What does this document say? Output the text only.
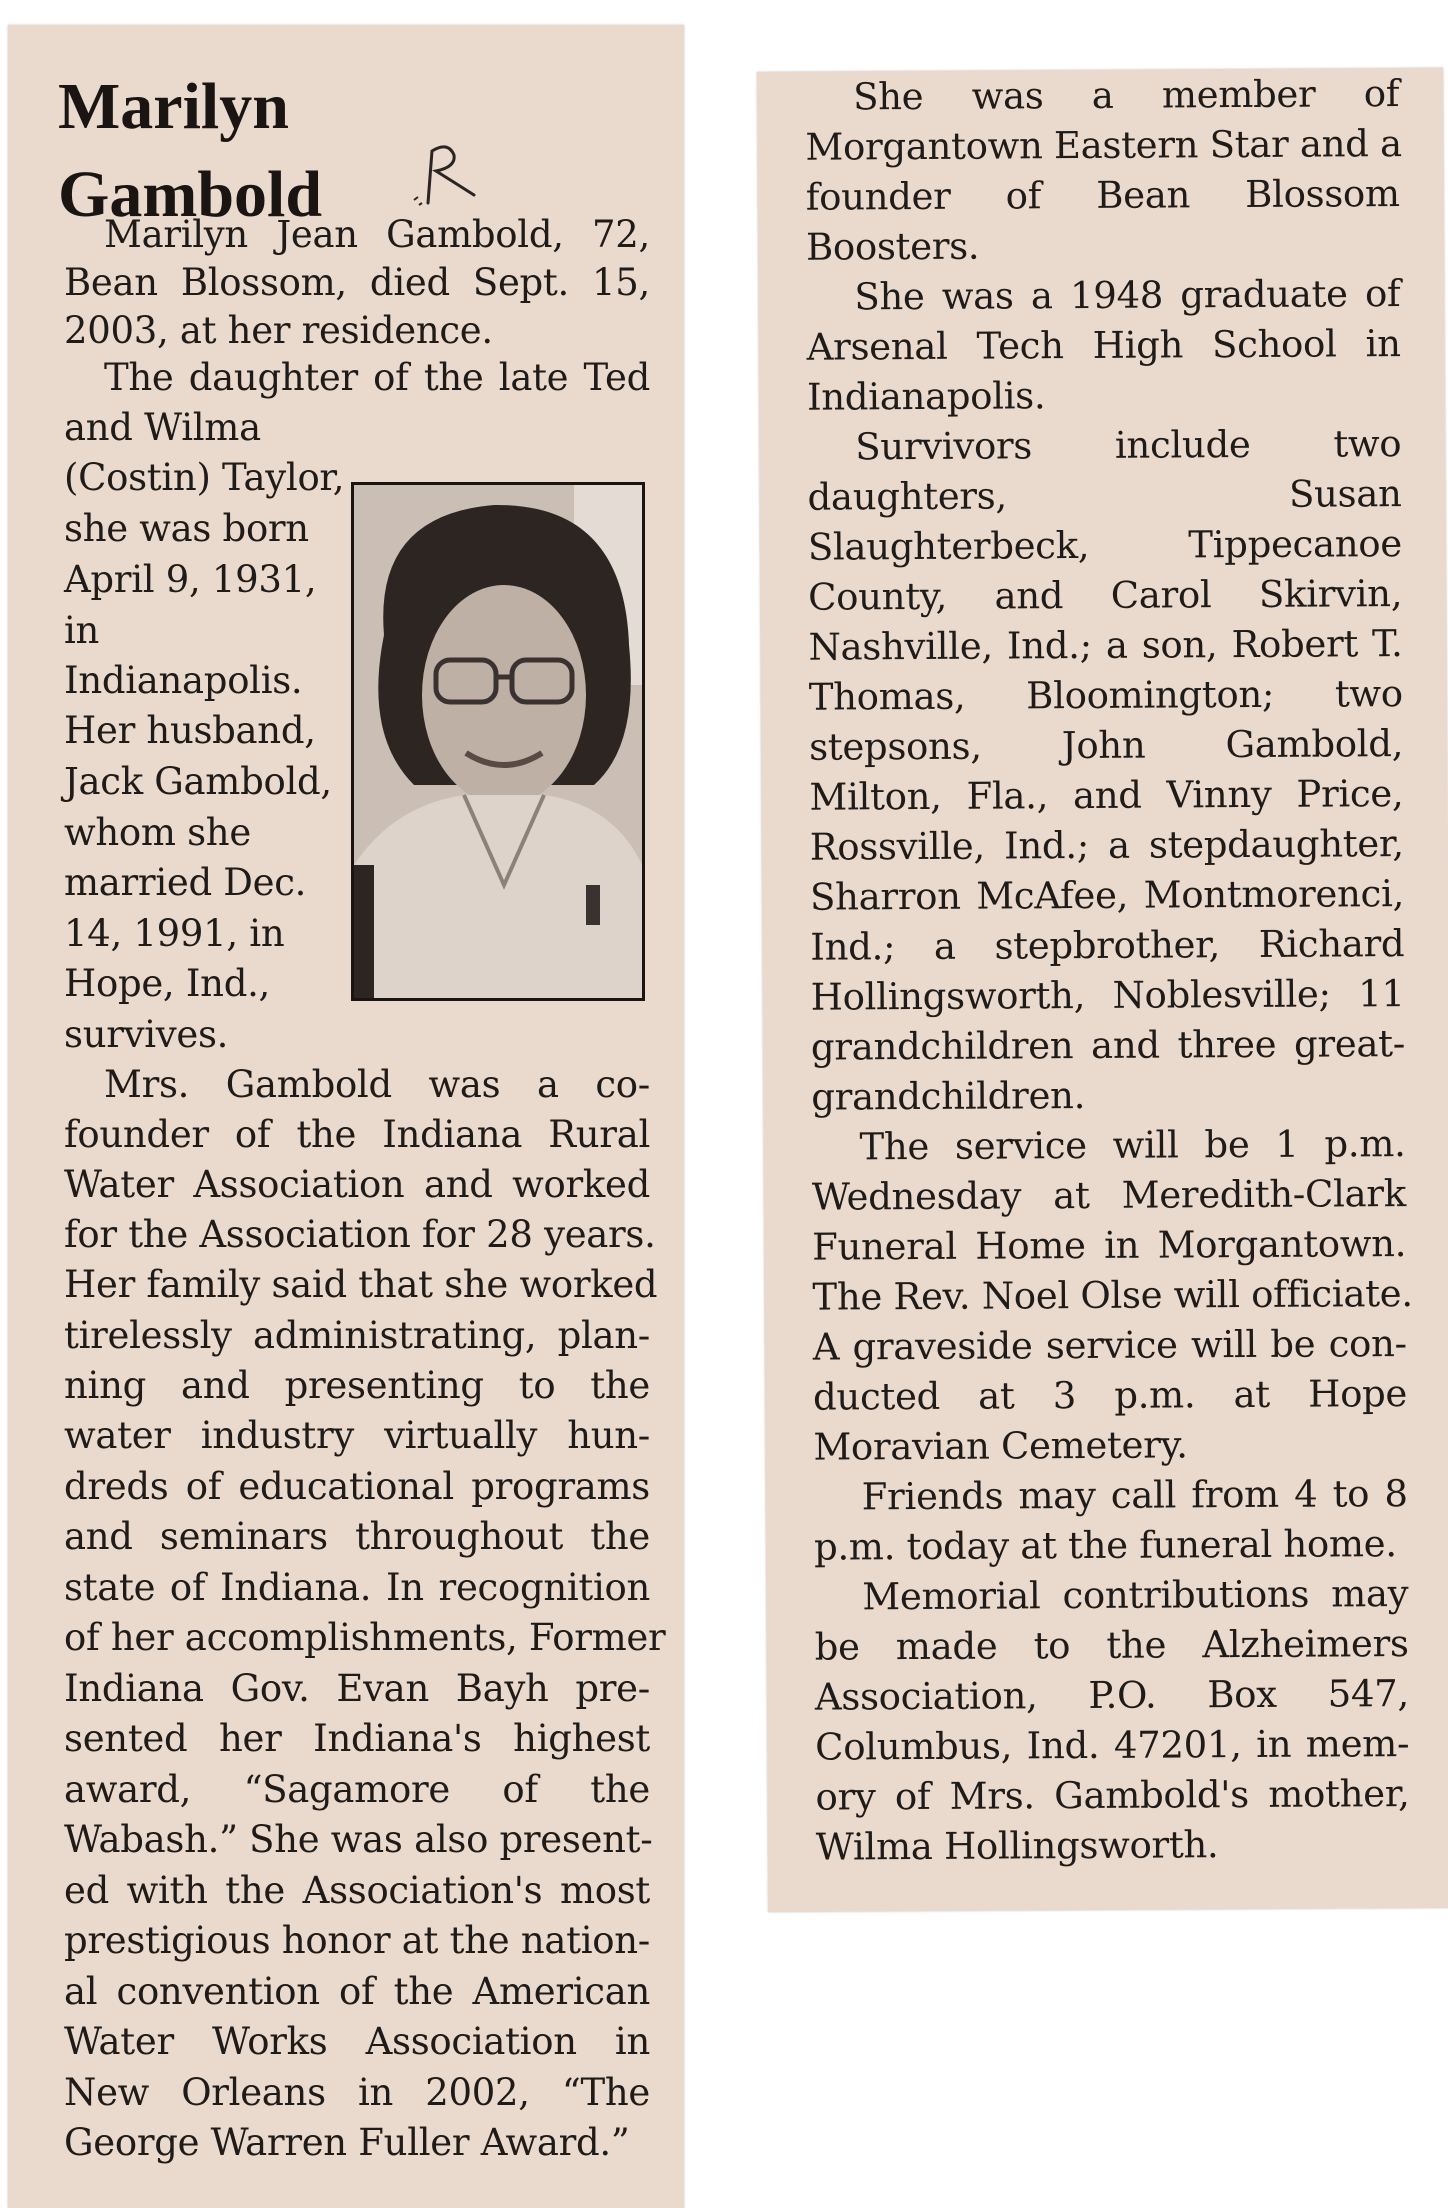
Marilyn
Gambold

Marilyn Jean Gambold, 72,

Bean Blossom, died Sept. 15,

2003, at her residence.

The daughter of the late Ted

and Wilma

(Costin) Taylor,

she was born

April 9, 1931,

in

Indianapolis.

Her husband,

Jack Gambold,

whom she

married Dec.

14, 1991, in

Hope, Ind.,

survives.

Mrs. Gambold was a co-

founder of the Indiana Rural

Water Association and worked

for the Association for 28 years.

Her family said that she worked

tirelessly administrating, plan-

ning and presenting to the

water industry virtually hun-

dreds of educational programs

and seminars throughout the

state of Indiana. In recognition

of her accomplishments, Former

Indiana Gov. Evan Bayh pre-

sented her Indiana's highest

award, “Sagamore of the

Wabash.” She was also present-

ed with the Association's most

prestigious honor at the nation-

al convention of the American

Water Works Association in

New Orleans in 2002, “The

George Warren Fuller Award.”

She was a member of

Morgantown Eastern Star and a

founder of Bean Blossom

Boosters.

She was a 1948 graduate of

Arsenal Tech High School in

Indianapolis.

Survivors include two

daughters, Susan

Slaughterbeck, Tippecanoe

County, and Carol Skirvin,

Nashville, Ind.; a son, Robert T.

Thomas, Bloomington; two

stepsons, John Gambold,

Milton, Fla., and Vinny Price,

Rossville, Ind.; a stepdaughter,

Sharron McAfee, Montmorenci,

Ind.; a stepbrother, Richard

Hollingsworth, Noblesville; 11

grandchildren and three great-

grandchildren.

The service will be 1 p.m.

Wednesday at Meredith-Clark

Funeral Home in Morgantown.

The Rev. Noel Olse will officiate.

A graveside service will be con-

ducted at 3 p.m. at Hope

Moravian Cemetery.

Friends may call from 4 to 8

p.m. today at the funeral home.

Memorial contributions may

be made to the Alzheimers

Association, P.O. Box 547,

Columbus, Ind. 47201, in mem-

ory of Mrs. Gambold's mother,

Wilma Hollingsworth.
